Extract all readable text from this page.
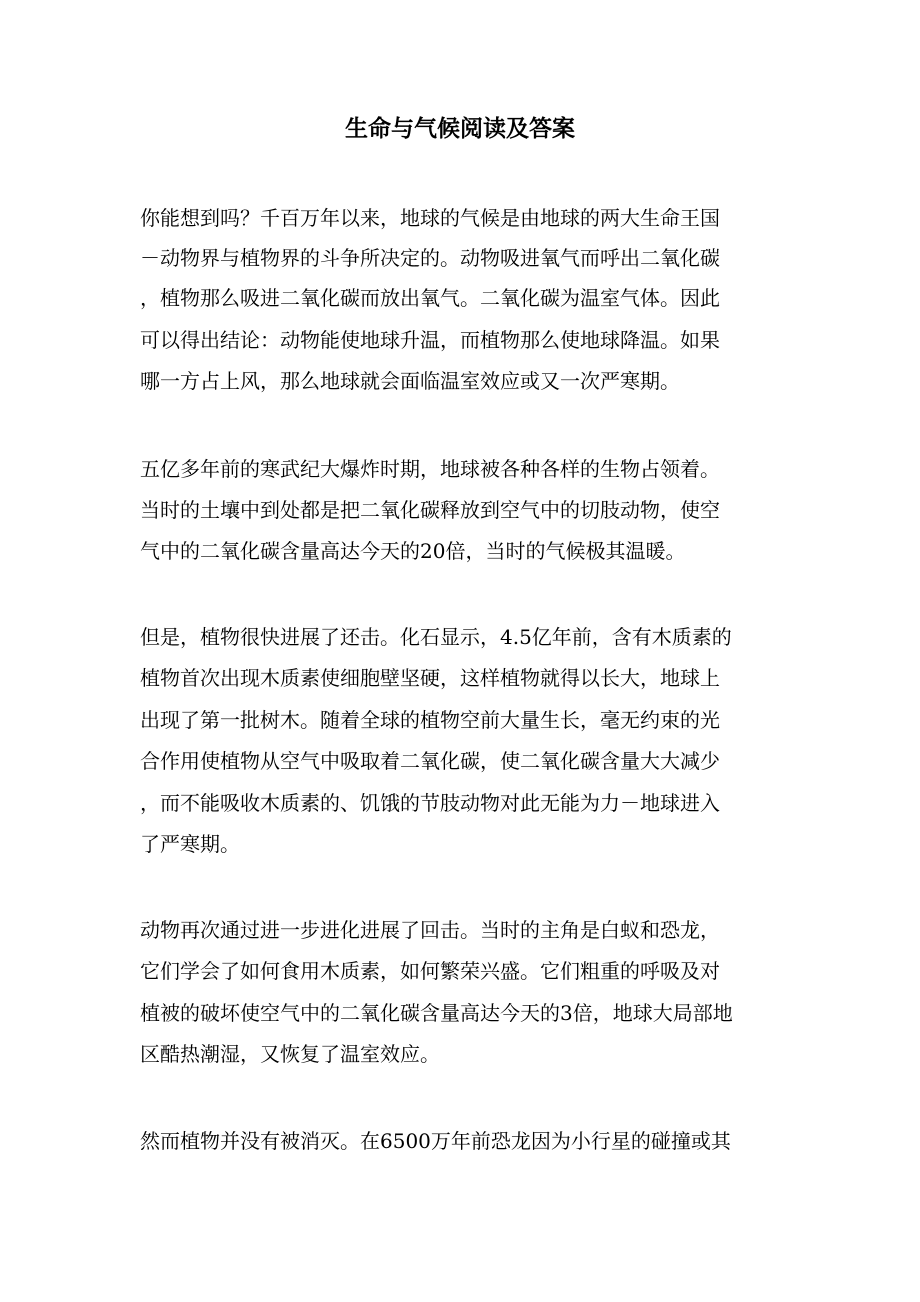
生命与气候阅读及答案

你能想到吗？千百万年以来，地球的气候是由地球的两大生命王国

－动物界与植物界的斗争所决定的。动物吸进氧气而呼出二氧化碳

，植物那么吸进二氧化碳而放出氧气。二氧化碳为温室气体。因此

可以得出结论：动物能使地球升温，而植物那么使地球降温。如果

哪一方占上风，那么地球就会面临温室效应或又一次严寒期。

五亿多年前的寒武纪大爆炸时期，地球被各种各样的生物占领着。

当时的土壤中到处都是把二氧化碳释放到空气中的切肢动物，使空

气中的二氧化碳含量高达今天的20倍，当时的气候极其温暖。

但是，植物很快进展了还击。化石显示，4.5亿年前，含有木质素的

植物首次出现木质素使细胞壁坚硬，这样植物就得以长大，地球上

出现了第一批树木。随着全球的植物空前大量生长，毫无约束的光

合作用使植物从空气中吸取着二氧化碳，使二氧化碳含量大大减少

，而不能吸收木质素的、饥饿的节肢动物对此无能为力－地球进入

了严寒期。

动物再次通过进一步进化进展了回击。当时的主角是白蚁和恐龙，

它们学会了如何食用木质素，如何繁荣兴盛。它们粗重的呼吸及对

植被的破坏使空气中的二氧化碳含量高达今天的3倍，地球大局部地

区酷热潮湿，又恢复了温室效应。

然而植物并没有被消灭。在6500万年前恐龙因为小行星的碰撞或其
